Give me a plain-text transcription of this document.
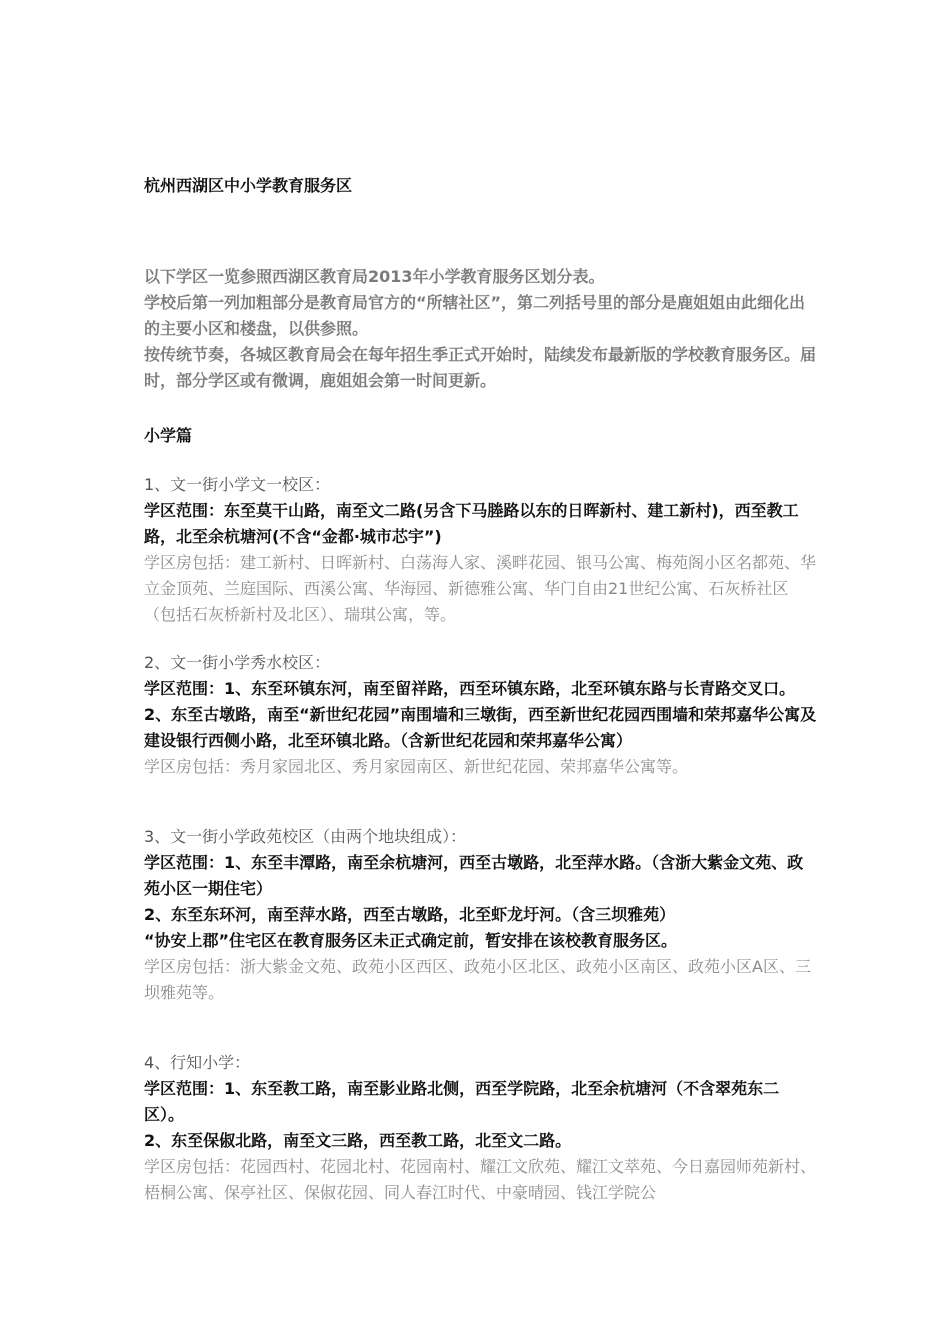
杭州西湖区中小学教育服务区

以下学区一览参照西湖区教育局2013年小学教育服务区划分表。

学校后第一列加粗部分是教育局官方的“所辖社区”，第二列括号里的部分是鹿姐姐由此细化出的主要小区和楼盘，以供参照。

按传统节奏，各城区教育局会在每年招生季正式开始时，陆续发布最新版的学校教育服务区。届时，部分学区或有微调，鹿姐姐会第一时间更新。

小学篇

1、文一街小学文一校区：

学区范围：东至莫干山路，南至文二路(另含下马塍路以东的日晖新村、建工新村)，西至教工路，北至余杭塘河(不含“金都·城市芯宇”)

学区房包括：建工新村、日晖新村、白荡海人家、溪畔花园、银马公寓、梅苑阁小区名都苑、华立金顶苑、兰庭国际、西溪公寓、华海园、新德雅公寓、华门自由21世纪公寓、石灰桥社区（包括石灰桥新村及北区）、瑞琪公寓，等。

2、文一街小学秀水校区：

学区范围：1、东至环镇东河，南至留祥路，西至环镇东路，北至环镇东路与长青路交叉口。

2、东至古墩路，南至“新世纪花园”南围墙和三墩街，西至新世纪花园西围墙和荣邦嘉华公寓及建设银行西侧小路，北至环镇北路。（含新世纪花园和荣邦嘉华公寓）

学区房包括：秀月家园北区、秀月家园南区、新世纪花园、荣邦嘉华公寓等。

3、文一街小学政苑校区（由两个地块组成）：

学区范围：1、东至丰潭路，南至余杭塘河，西至古墩路，北至萍水路。（含浙大紫金文苑、政苑小区一期住宅）

2、东至东环河，南至萍水路，西至古墩路，北至虾龙圩河。（含三坝雅苑）

“协安上郡”住宅区在教育服务区未正式确定前，暂安排在该校教育服务区。

学区房包括：浙大紫金文苑、政苑小区西区、政苑小区北区、政苑小区南区、政苑小区A区、三坝雅苑等。

4、行知小学：

学区范围：1、东至教工路，南至影业路北侧，西至学院路，北至余杭塘河（不含翠苑东二区）。

2、东至保俶北路，南至文三路，西至教工路，北至文二路。

学区房包括：花园西村、花园北村、花园南村、耀江文欣苑、耀江文萃苑、今日嘉园师苑新村、梧桐公寓、保亭社区、保俶花园、同人春江时代、中豪晴园、钱江学院公
